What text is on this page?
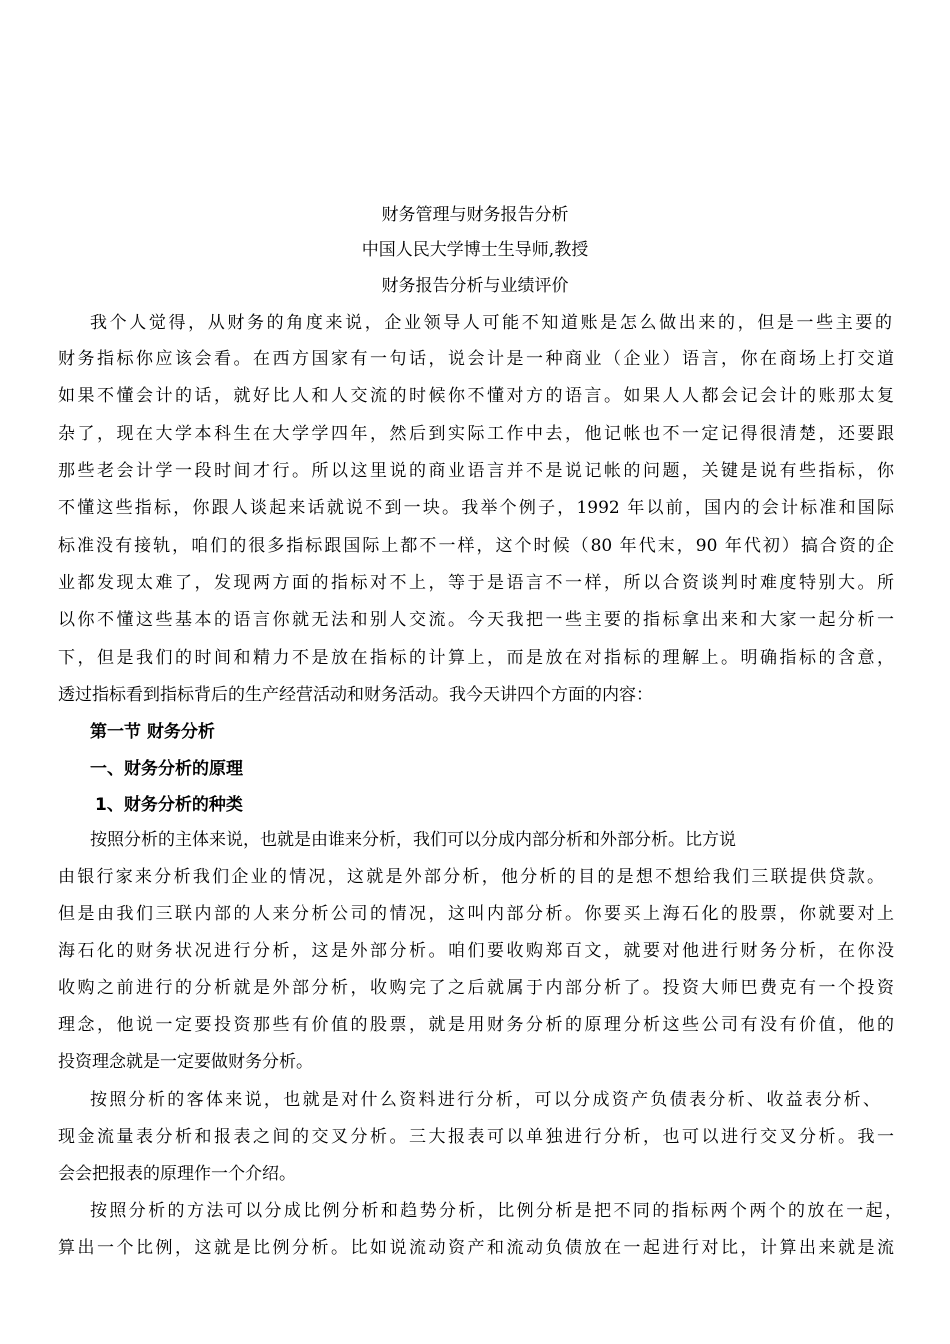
财务管理与财务报告分析
中国人民大学博士生导师,教授
财务报告分析与业绩评价
我个人觉得，从财务的角度来说，企业领导人可能不知道账是怎么做出来的，但是一些主要的
财务指标你应该会看。在西方国家有一句话，说会计是一种商业（企业）语言，你在商场上打交道
如果不懂会计的话，就好比人和人交流的时候你不懂对方的语言。如果人人都会记会计的账那太复
杂了，现在大学本科生在大学学四年，然后到实际工作中去，他记帐也不一定记得很清楚，还要跟
那些老会计学一段时间才行。所以这里说的商业语言并不是说记帐的问题，关键是说有些指标，你
不懂这些指标，你跟人谈起来话就说不到一块。我举个例子，1992 年以前，国内的会计标准和国际
标准没有接轨，咱们的很多指标跟国际上都不一样，这个时候（80 年代末，90 年代初）搞合资的企
业都发现太难了，发现两方面的指标对不上，等于是语言不一样，所以合资谈判时难度特别大。所
以你不懂这些基本的语言你就无法和别人交流。今天我把一些主要的指标拿出来和大家一起分析一
下，但是我们的时间和精力不是放在指标的计算上，而是放在对指标的理解上。明确指标的含意，
透过指标看到指标背后的生产经营活动和财务活动。我今天讲四个方面的内容：
第一节 财务分析
一、财务分析的原理
1、财务分析的种类
按照分析的主体来说，也就是由谁来分析，我们可以分成内部分析和外部分析。比方说
由银行家来分析我们企业的情况，这就是外部分析，他分析的目的是想不想给我们三联提供贷款。
但是由我们三联内部的人来分析公司的情况，这叫内部分析。你要买上海石化的股票，你就要对上
海石化的财务状况进行分析，这是外部分析。咱们要收购郑百文，就要对他进行财务分析，在你没
收购之前进行的分析就是外部分析，收购完了之后就属于内部分析了。投资大师巴费克有一个投资
理念，他说一定要投资那些有价值的股票，就是用财务分析的原理分析这些公司有没有价值，他的
投资理念就是一定要做财务分析。
按照分析的客体来说，也就是对什么资料进行分析，可以分成资产负债表分析、收益表分析、
现金流量表分析和报表之间的交叉分析。三大报表可以单独进行分析，也可以进行交叉分析。我一
会会把报表的原理作一个介绍。
按照分析的方法可以分成比例分析和趋势分析，比例分析是把不同的指标两个两个的放在一起，
算出一个比例，这就是比例分析。比如说流动资产和流动负债放在一起进行对比，计算出来就是流
